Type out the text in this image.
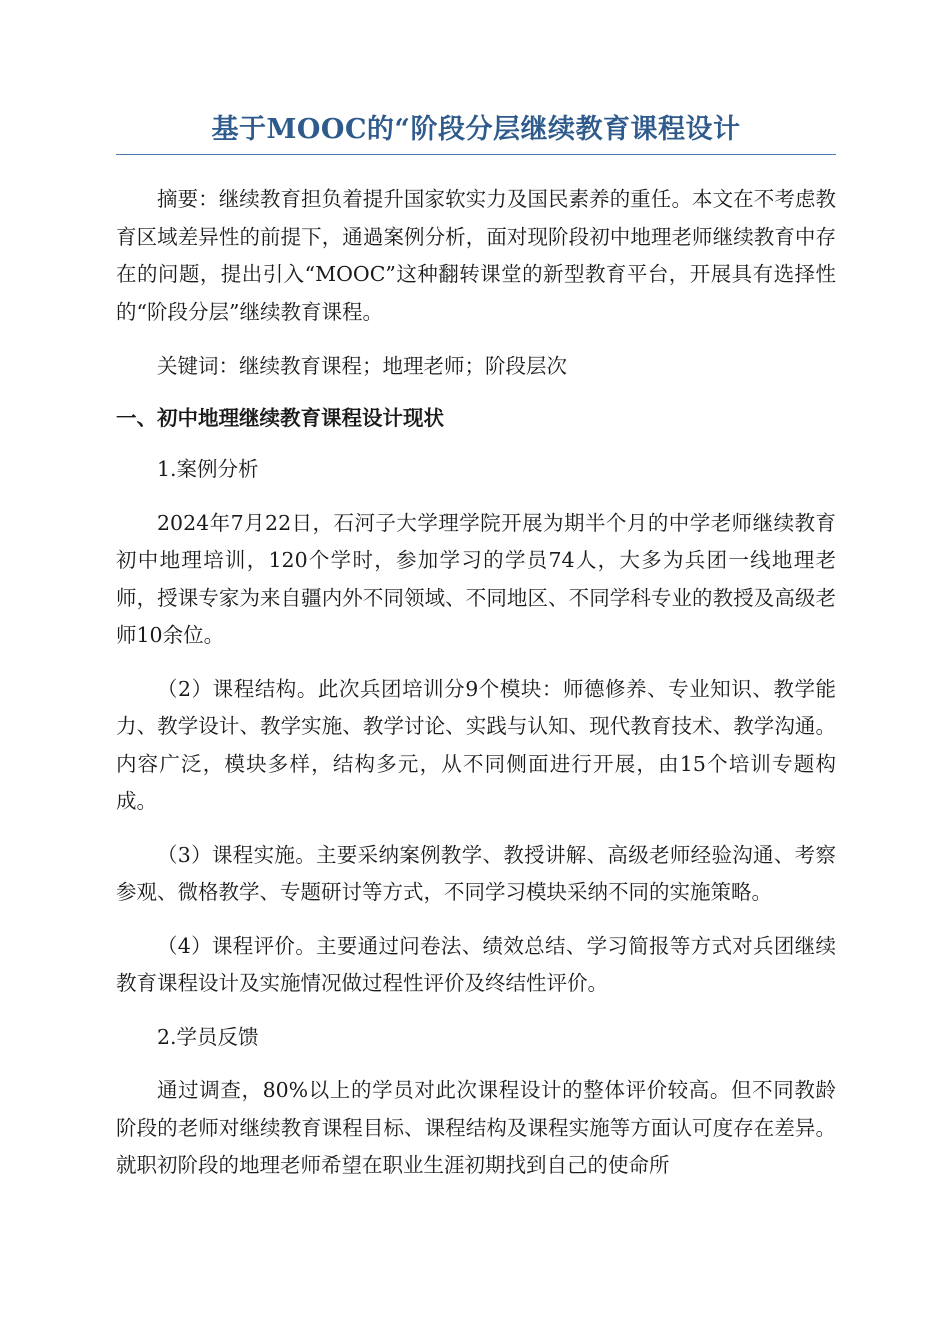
基于MOOC的“阶段分层继续教育课程设计

摘要：继续教育担负着提升国家软实力及国民素养的重任。本文在不考虑教育区域差异性的前提下，通過案例分析，面对现阶段初中地理老师继续教育中存在的问题，提出引入“MOOC”这种翻转课堂的新型教育平台，开展具有选择性的“阶段分层”继续教育课程。

关键词：继续教育课程；地理老师；阶段层次

一、初中地理继续教育课程设计现状

1.案例分析

2024年7月22日，石河子大学理学院开展为期半个月的中学老师继续教育初中地理培训，120个学时，参加学习的学员74人，大多为兵团一线地理老师，授课专家为来自疆内外不同领域、不同地区、不同学科专业的教授及高级老师10余位。

（2）课程结构。此次兵团培训分9个模块：师德修养、专业知识、教学能力、教学设计、教学实施、教学讨论、实践与认知、现代教育技术、教学沟通。内容广泛，模块多样，结构多元，从不同侧面进行开展，由15个培训专题构成。

（3）课程实施。主要采纳案例教学、教授讲解、高级老师经验沟通、考察参观、微格教学、专题研讨等方式，不同学习模块采纳不同的实施策略。

（4）课程评价。主要通过问卷法、绩效总结、学习简报等方式对兵团继续教育课程设计及实施情况做过程性评价及终结性评价。

2.学员反馈

通过调查，80%以上的学员对此次课程设计的整体评价较高。但不同教龄阶段的老师对继续教育课程目标、课程结构及课程实施等方面认可度存在差异。就职初阶段的地理老师希望在职业生涯初期找到自己的使命所
